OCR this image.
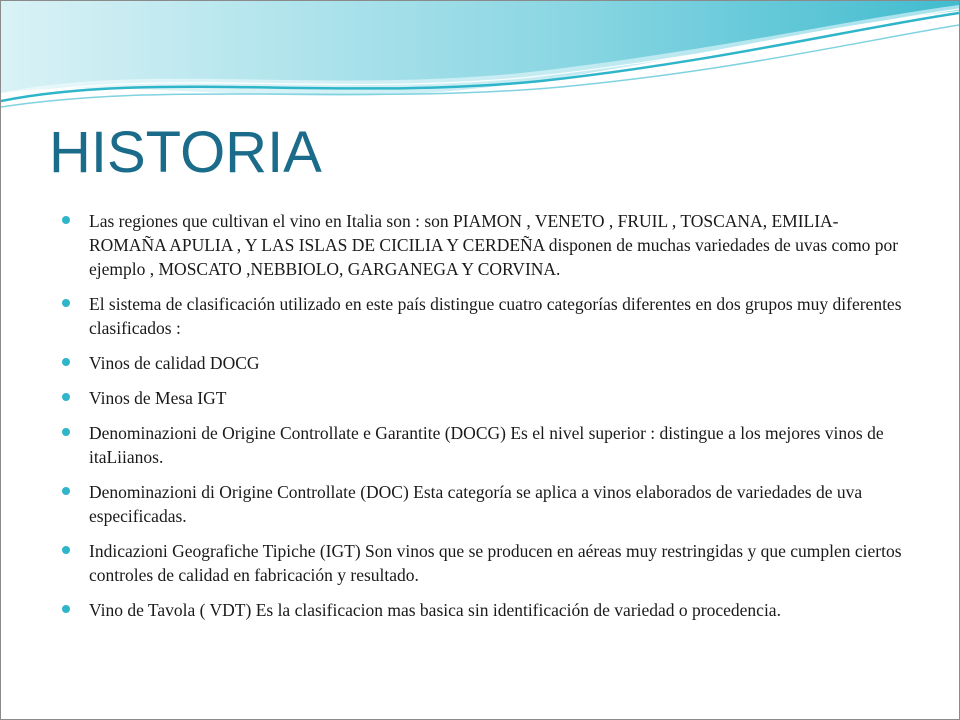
HISTORIA
Las regiones que cultivan el vino en Italia son : son PIAMON , VENETO , FRUIL , TOSCANA, EMILIA-ROMAÑA APULIA , Y LAS ISLAS DE CICILIA Y CERDEÑA disponen de muchas variedades de uvas como por ejemplo , MOSCATO ,NEBBIOLO, GARGANEGA Y CORVINA.
El sistema de clasificación utilizado en este país distingue cuatro categorías diferentes en dos grupos muy diferentes clasificados :
Vinos de calidad DOCG
Vinos de Mesa IGT
Denominazioni de Origine Controllate e Garantite (DOCG) Es el nivel superior : distingue a los mejores vinos de itaLiianos.
Denominazioni di Origine Controllate (DOC) Esta categoría se aplica a vinos elaborados de variedades de uva especificadas.
Indicazioni Geografiche Tipiche (IGT) Son vinos que se producen en aéreas muy restringidas y que cumplen ciertos controles de calidad en fabricación y resultado.
Vino de Tavola ( VDT) Es la clasificacion mas basica sin identificación de variedad o procedencia.
